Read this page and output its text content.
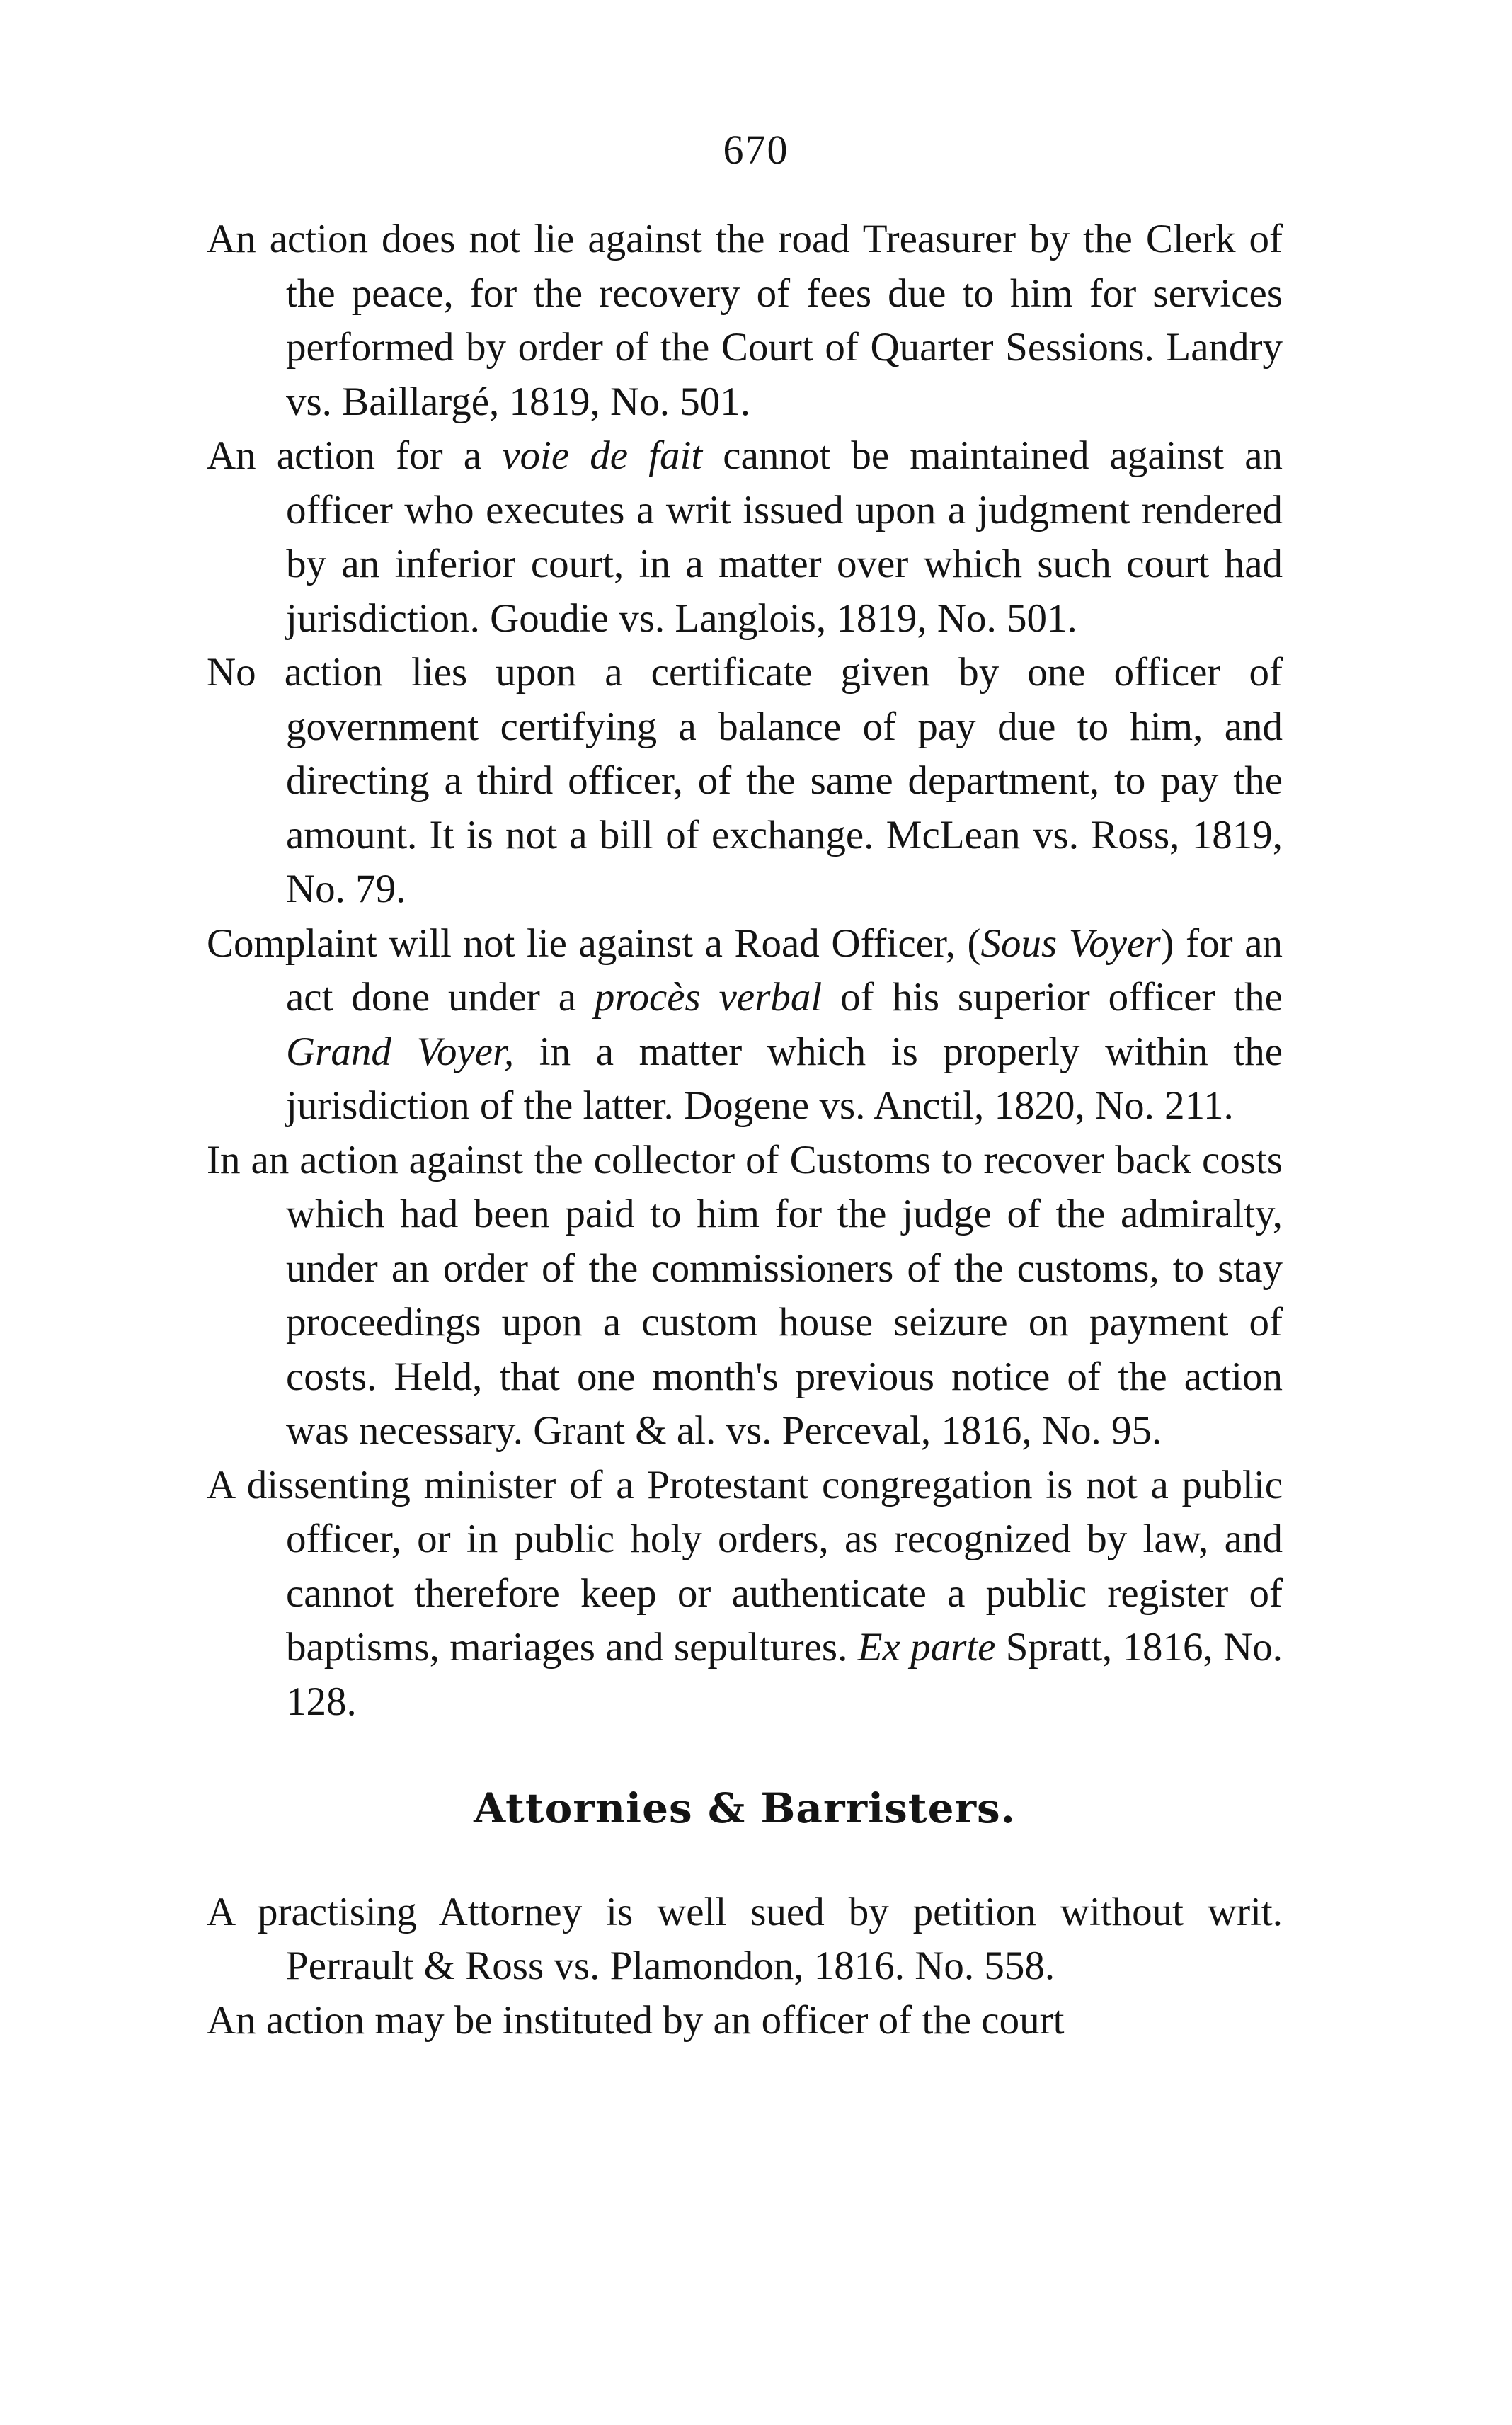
670

An action does not lie against the road Treasurer by the Clerk of the peace, for the recovery of fees due to him for services performed by order of the Court of Quarter Sessions. Landry vs. Baillargé, 1819, No. 501.

An action for a voie de fait cannot be maintained against an officer who executes a writ issued upon a judgment rendered by an inferior court, in a matter over which such court had jurisdiction. Goudie vs. Langlois, 1819, No. 501.

No action lies upon a certificate given by one officer of government certifying a balance of pay due to him, and directing a third officer, of the same department, to pay the amount. It is not a bill of exchange. McLean vs. Ross, 1819, No. 79.

Complaint will not lie against a Road Officer, (Sous Voyer) for an act done under a procès verbal of his superior officer the Grand Voyer, in a matter which is properly within the jurisdiction of the latter. Dogene vs. Anctil, 1820, No. 211.

In an action against the collector of Customs to recover back costs which had been paid to him for the judge of the admiralty, under an order of the commissioners of the customs, to stay proceedings upon a custom house seizure on payment of costs. Held, that one month's previous notice of the action was necessary. Grant & al. vs. Perceval, 1816, No. 95.

A dissenting minister of a Protestant congregation is not a public officer, or in public holy orders, as recognized by law, and cannot therefore keep or authenticate a public register of baptisms, mariages and sepultures. Ex parte Spratt, 1816, No. 128.

Attornies & Barristers.

A practising Attorney is well sued by petition without writ. Perrault & Ross vs. Plamondon, 1816. No. 558.

An action may be instituted by an officer of the court
